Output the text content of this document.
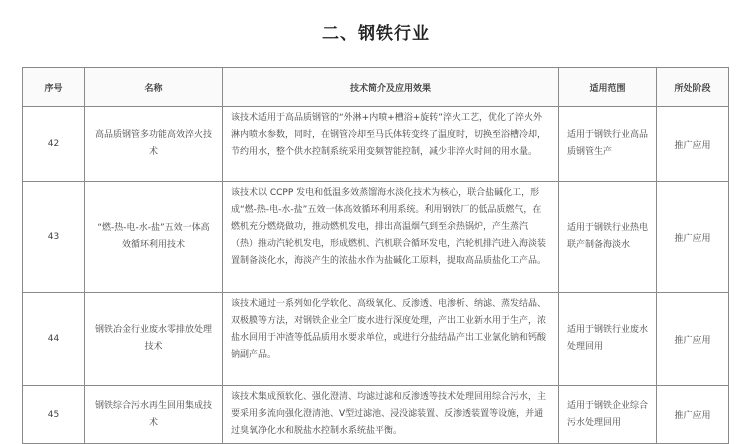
二、钢铁行业
序号	名称	技术简介及应用效果	适用范围	所处阶段
42	高品质钢管多功能高效淬火技术	该技术适用于高品质钢管的“外淋+内喷+槽浴+旋转”淬火工艺，优化了淬火外淋内喷水参数，同时，在钢管冷却至马氏体转变终了温度时，切换至浴槽冷却，节约用水，整个供水控制系统采用变频智能控制，减少非淬火时间的用水量。	适用于钢铁行业高品质钢管生产	推广应用
43	“燃-热-电-水-盐”五效一体高效循环利用技术	该技术以 CCPP 发电和低温多效蒸馏海水淡化技术为核心，联合盐碱化工，形成“燃-热-电-水-盐”五效一体高效循环利用系统。利用钢铁厂的低品质燃气，在燃机充分燃烧做功，推动燃机发电，排出高温烟气到至余热锅炉，产生蒸汽（热）推动汽轮机发电，形成燃机、汽机联合循环发电，汽轮机排汽进入海淡装置制备淡化水，海淡产生的浓盐水作为盐碱化工原料，提取高品质盐化工产品。	适用于钢铁行业热电联产制备海淡水	推广应用
44	钢铁冶金行业废水零排放处理技术	该技术通过一系列如化学软化、高级氧化、反渗透、电渗析、纳滤、蒸发结晶、双极膜等方法，对钢铁企业全厂废水进行深度处理，产出工业新水用于生产，浓盐水回用于冲渣等低品质用水要求单位，或进行分盐结晶产出工业氯化钠和钙酸钠副产品。	适用于钢铁行业废水处理回用	推广应用
45	钢铁综合污水再生回用集成技术	该技术集成预软化、强化澄清、均滤过滤和反渗透等技术处理回用综合污水，主要采用多流向强化澄清池、V型过滤池、浸没滤装置、反渗透装置等设施，并通过臭氧净化水和脱盐水控制水系统盐平衡。	适用于钢铁企业综合污水处理回用	推广应用
